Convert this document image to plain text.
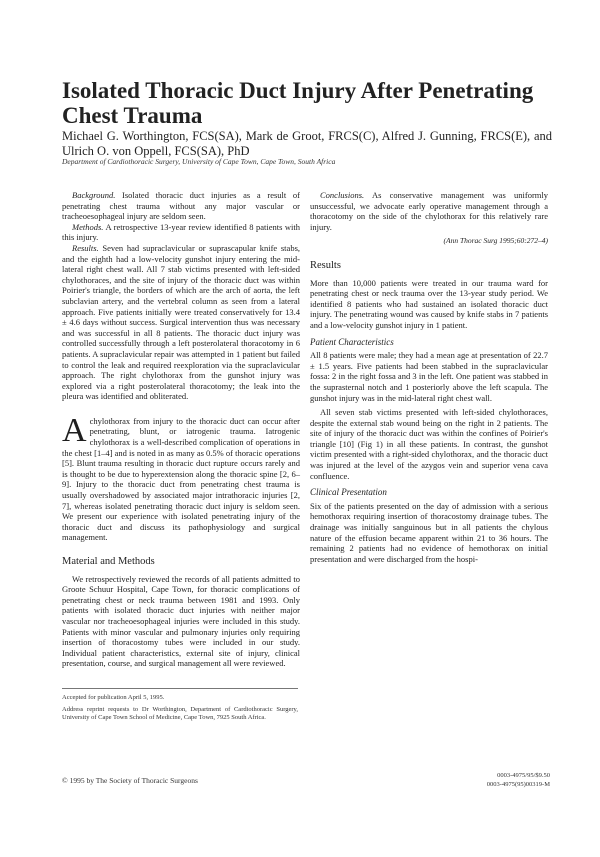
Isolated Thoracic Duct Injury After Penetrating Chest Trauma

Michael G. Worthington, FCS(SA), Mark de Groot, FRCS(C), Alfred J. Gunning, FRCS(E), and Ulrich O. von Oppell, FCS(SA), PhD

Department of Cardiothoracic Surgery, University of Cape Town, Cape Town, South Africa

Background. Isolated thoracic duct injuries as a result of penetrating chest trauma without any major vascular or tracheoesophageal injury are seldom seen.

Methods. A retrospective 13-year review identified 8 patients with this injury.

Results. Seven had supraclavicular or suprascapular knife stabs, and the eighth had a low-velocity gunshot injury entering the mid-lateral right chest wall. All 7 stab victims presented with left-sided chylothoraces, and the site of injury of the thoracic duct was within Poirier's triangle, the borders of which are the arch of aorta, the left subclavian artery, and the vertebral column as seen from a lateral approach. Five patients initially were treated conservatively for 13.4 ± 4.6 days without success. Surgical intervention thus was necessary and was successful in all 8 patients. The thoracic duct injury was controlled successfully through a left posterolateral thoracotomy in 6 patients. A supraclavicular repair was attempted in 1 patient but failed to control the leak and required reexploration via the supraclavicular approach. The right chylothorax from the gunshot injury was explored via a right posterolateral thoracotomy; the leak into the pleura was identified and obliterated.

Achylothorax from injury to the thoracic duct can occur after penetrating, blunt, or iatrogenic trauma. Iatrogenic chylothorax is a well-described complication of operations in the chest [1–4] and is noted in as many as 0.5% of thoracic operations [5]. Blunt trauma resulting in thoracic duct rupture occurs rarely and is thought to be due to hyperextension along the thoracic spine [2, 6–9]. Injury to the thoracic duct from penetrating chest trauma is usually overshadowed by associated major intrathoracic injuries [2, 7], whereas isolated penetrating thoracic duct injury is seldom seen. We present our experience with isolated penetrating injury of the thoracic duct and discuss its pathophysiology and surgical management.

Material and Methods

We retrospectively reviewed the records of all patients admitted to Groote Schuur Hospital, Cape Town, for thoracic complications of penetrating chest or neck trauma between 1981 and 1993. Only patients with isolated thoracic duct injuries with neither major vascular nor tracheoesophageal injuries were included in this study. Patients with minor vascular and pulmonary injuries only requiring insertion of thoracostomy tubes were included in our study. Individual patient characteristics, external site of injury, clinical presentation, course, and surgical management all were reviewed.

Conclusions. As conservative management was uniformly unsuccessful, we advocate early operative management through a thoracotomy on the side of the chylothorax for this relatively rare injury.

(Ann Thorac Surg 1995;60:272–4)
Results

More than 10,000 patients were treated in our trauma ward for penetrating chest or neck trauma over the 13-year study period. We identified 8 patients who had sustained an isolated thoracic duct injury. The penetrating wound was caused by knife stabs in 7 patients and a low-velocity gunshot injury in 1 patient.

Patient Characteristics

All 8 patients were male; they had a mean age at presentation of 22.7 ± 1.5 years. Five patients had been stabbed in the supraclavicular fossa: 2 in the right fossa and 3 in the left. One patient was stabbed in the suprasternal notch and 1 posteriorly above the left scapula. The gunshot injury was in the mid-lateral right chest wall.

All seven stab victims presented with left-sided chylothoraces, despite the external stab wound being on the right in 2 patients. The site of injury of the thoracic duct was within the confines of Poirier's triangle [10] (Fig 1) in all these patients. In contrast, the gunshot victim presented with a right-sided chylothorax, and the thoracic duct was injured at the level of the azygos vein and superior vena cava confluence.

Clinical Presentation

Six of the patients presented on the day of admission with a serious hemothorax requiring insertion of thoracostomy drainage tubes. The drainage was initially sanguinous but in all patients the chylous nature of the effusion became apparent within 21 to 36 hours. The remaining 2 patients had no evidence of hemothorax on initial presentation and were discharged from the hospi-

Accepted for publication April 5, 1995.

Address reprint requests to Dr Worthington, Department of Cardiothoracic Surgery, University of Cape Town School of Medicine, Cape Town, 7925 South Africa.

© 1995 by The Society of Thoracic Surgeons
0003-4975/95/$9.50
0003-4975(95)00319-M
